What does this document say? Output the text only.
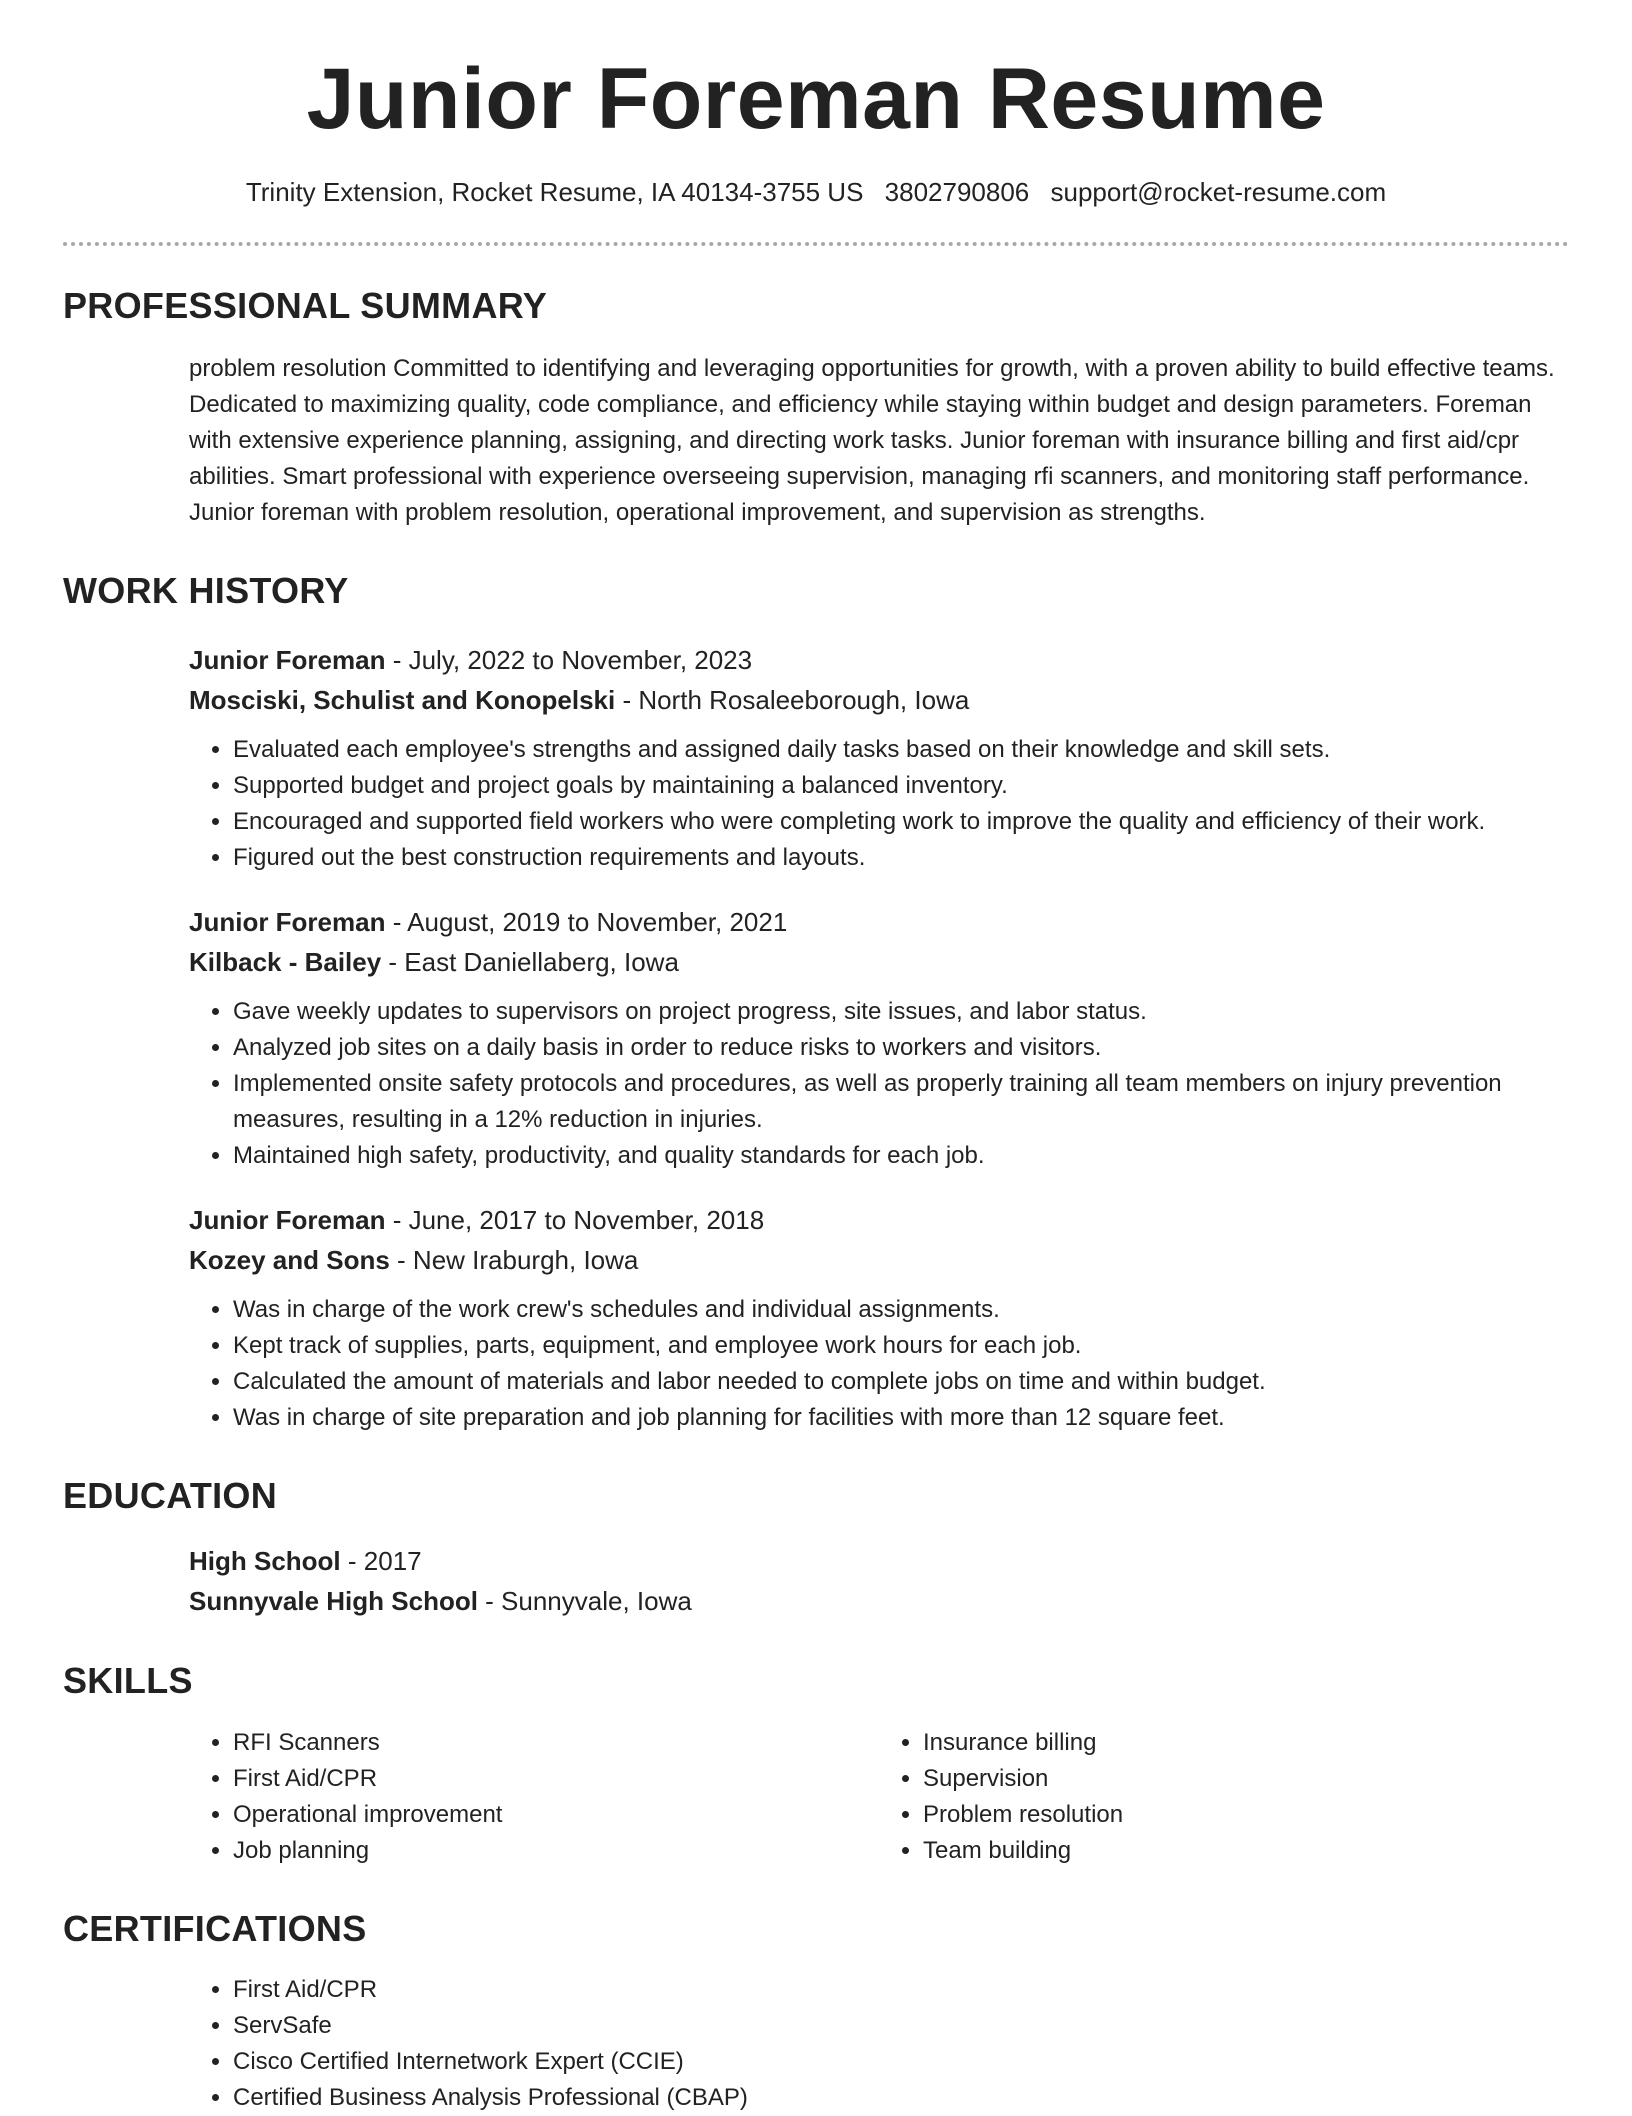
Junior Foreman Resume
Trinity Extension, Rocket Resume, IA 40134-3755 US 3802790806 support@rocket-resume.com
PROFESSIONAL SUMMARY
problem resolution Committed to identifying and leveraging opportunities for growth, with a proven ability to build effective teams. Dedicated to maximizing quality, code compliance, and efficiency while staying within budget and design parameters. Foreman with extensive experience planning, assigning, and directing work tasks. Junior foreman with insurance billing and first aid/cpr abilities. Smart professional with experience overseeing supervision, managing rfi scanners, and monitoring staff performance. Junior foreman with problem resolution, operational improvement, and supervision as strengths.
WORK HISTORY
Junior Foreman - July, 2022 to November, 2023
Mosciski, Schulist and Konopelski - North Rosaleeborough, Iowa
• Evaluated each employee's strengths and assigned daily tasks based on their knowledge and skill sets.
• Supported budget and project goals by maintaining a balanced inventory.
• Encouraged and supported field workers who were completing work to improve the quality and efficiency of their work.
• Figured out the best construction requirements and layouts.
Junior Foreman - August, 2019 to November, 2021
Kilback - Bailey - East Daniellaberg, Iowa
• Gave weekly updates to supervisors on project progress, site issues, and labor status.
• Analyzed job sites on a daily basis in order to reduce risks to workers and visitors.
• Implemented onsite safety protocols and procedures, as well as properly training all team members on injury prevention measures, resulting in a 12% reduction in injuries.
• Maintained high safety, productivity, and quality standards for each job.
Junior Foreman - June, 2017 to November, 2018
Kozey and Sons - New Iraburgh, Iowa
• Was in charge of the work crew's schedules and individual assignments.
• Kept track of supplies, parts, equipment, and employee work hours for each job.
• Calculated the amount of materials and labor needed to complete jobs on time and within budget.
• Was in charge of site preparation and job planning for facilities with more than 12 square feet.
EDUCATION
High School - 2017
Sunnyvale High School - Sunnyvale, Iowa
SKILLS
• RFI Scanners
• First Aid/CPR
• Operational improvement
• Job planning
• Insurance billing
• Supervision
• Problem resolution
• Team building
CERTIFICATIONS
• First Aid/CPR
• ServSafe
• Cisco Certified Internetwork Expert (CCIE)
• Certified Business Analysis Professional (CBAP)
